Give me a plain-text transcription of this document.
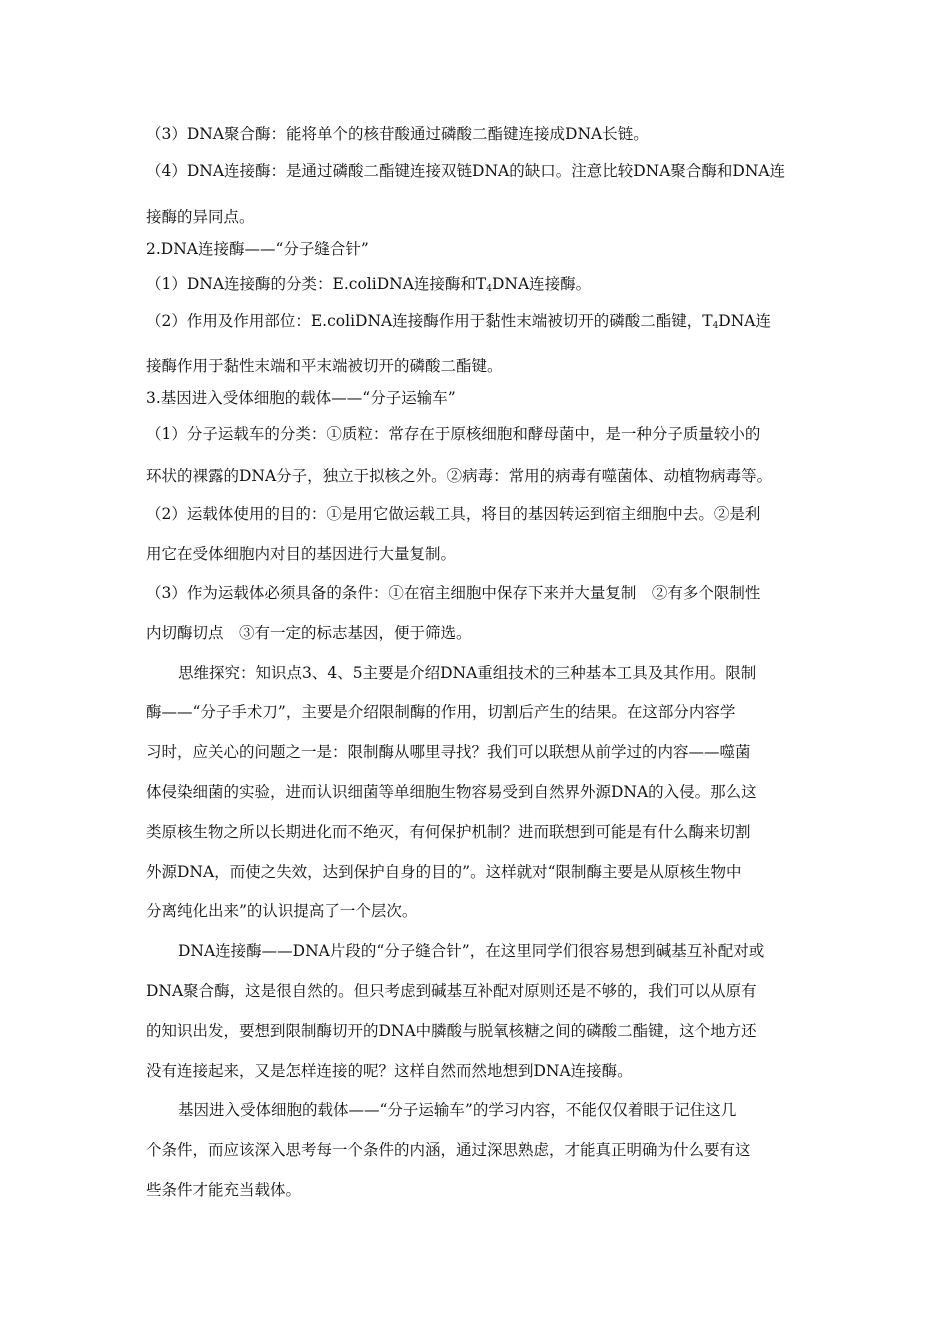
（3）DNA聚合酶：能将单个的核苷酸通过磷酸二酯键连接成DNA长链。
（4）DNA连接酶：是通过磷酸二酯键连接双链DNA的缺口。注意比较DNA聚合酶和DNA连
接酶的异同点。
2.DNA连接酶——“分子缝合针”
（1）DNA连接酶的分类：E.coliDNA连接酶和$T_4DNA$连接酶。
（2）作用及作用部位：E.coliDNA连接酶作用于黏性末端被切开的磷酸二酯键，$T_4DNA$连
接酶作用于黏性末端和平末端被切开的磷酸二酯键。
3.基因进入受体细胞的载体——“分子运输车”
（1）分子运载车的分类：①质粒：常存在于原核细胞和酵母菌中，是一种分子质量较小的
环状的裸露的DNA分子，独立于拟核之外。②病毒：常用的病毒有噬菌体、动植物病毒等。
（2）运载体使用的目的：①是用它做运载工具，将目的基因转运到宿主细胞中去。②是利
用它在受体细胞内对目的基因进行大量复制。
（3）作为运载体必须具备的条件：①在宿主细胞中保存下来并大量复制　②有多个限制性
内切酶切点　③有一定的标志基因，便于筛选。
思维探究：知识点3、4、5主要是介绍DNA重组技术的三种基本工具及其作用。限制
酶——“分子手术刀”，主要是介绍限制酶的作用，切割后产生的结果。在这部分内容学
习时，应关心的问题之一是：限制酶从哪里寻找？我们可以联想从前学过的内容——噬菌
体侵染细菌的实验，进而认识细菌等单细胞生物容易受到自然界外源DNA的入侵。那么这
类原核生物之所以长期进化而不绝灭，有何保护机制？进而联想到可能是有什么酶来切割
外源DNA，而使之失效，达到保护自身的目的”。这样就对“限制酶主要是从原核生物中
分离纯化出来”的认识提高了一个层次。
DNA连接酶——DNA片段的“分子缝合针”，在这里同学们很容易想到碱基互补配对或
DNA聚合酶，这是很自然的。但只考虑到碱基互补配对原则还是不够的，我们可以从原有
的知识出发，要想到限制酶切开的DNA中膦酸与脱氧核糖之间的磷酸二酯键，这个地方还
没有连接起来，又是怎样连接的呢？这样自然而然地想到DNA连接酶。
基因进入受体细胞的载体——“分子运输车”的学习内容，不能仅仅着眼于记住这几
个条件，而应该深入思考每一个条件的内涵，通过深思熟虑，才能真正明确为什么要有这
些条件才能充当载体。
